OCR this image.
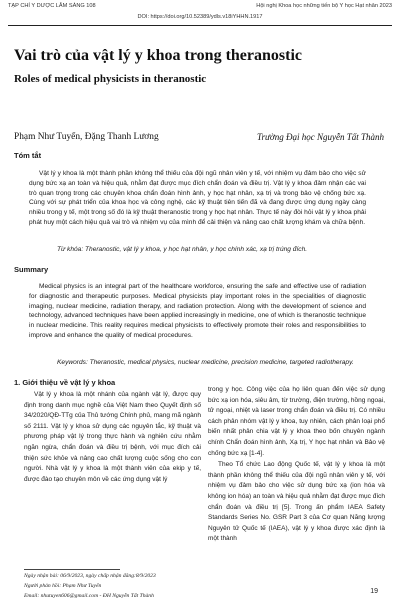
TẠP CHÍ Y DƯỢC LÂM SÀNG 108	Hội nghị Khoa học những tiến bộ Y học Hạt nhân 2023
DOI: https://doi.org/10.52389/ydls.v18iYHHN.1917
Vai trò của vật lý y khoa trong theranostic
Roles of medical physicists in theranostic
Phạm Như Tuyển, Đặng Thanh Lương	Trường Đại học Nguyễn Tất Thành
Tóm tắt

Vật lý y khoa là một thành phần không thể thiếu của đội ngũ nhân viên y tế, với nhiệm vụ đảm bảo cho việc sử dụng bức xạ an toàn và hiệu quả, nhằm đạt được mục đích chẩn đoán và điều trị. Vật lý y khoa đảm nhận các vai trò quan trọng trong các chuyên khoa chẩn đoán hình ảnh, y học hạt nhân, xạ trị và trong bảo vệ chống bức xạ. Cùng với sự phát triển của khoa học và công nghệ, các kỹ thuật tiên tiến đã và đang được ứng dụng ngày càng nhiều trong y tế, một trong số đó là kỹ thuật theranostic trong y học hạt nhân. Thực tế này đòi hỏi vật lý y khoa phải phát huy một cách hiệu quả vai trò và nhiệm vụ của mình để cải thiện và nâng cao chất lượng khám và chữa bệnh.

Từ khóa: Theranostic, vật lý y khoa, y học hạt nhân, y học chính xác, xạ trị trúng đích.

Summary

Medical physics is an integral part of the healthcare workforce, ensuring the safe and effective use of radiation for diagnostic and therapeutic purposes. Medical physicists play important roles in the specialities of diagnostic imaging, nuclear medicine, radiation therapy, and radiation protection. Along with the development of science and technology, advanced techniques have been applied increasingly in medicine, one of which is theranostic technique in nuclear medicine. This reality requires medical physicists to effectively promote their roles and responsibilities to improve and enhance the quality of medical procedures.

Keywords: Theranostic, medical physics, nuclear medicine, precision medicine, targeted radiotherapy.

1. Giới thiệu về vật lý y khoa

Vật lý y khoa là một nhánh của ngành vật lý, được quy định trong danh mục nghề của Việt Nam theo Quyết định số 34/2020/QĐ-TTg của Thủ tướng Chính phủ, mang mã ngành số 2111. Vật lý y khoa sử dụng các nguyên tắc, kỹ thuật và phương pháp vật lý trong thực hành và nghiên cứu nhằm ngăn ngừa, chẩn đoán và điều trị bệnh, với mục đích cải thiện sức khỏe và nâng cao chất lượng cuộc sống cho con người. Nhà vật lý y khoa là một thành viên của ekip y tế, được đào tạo chuyên môn về các ứng dụng vật lý

trong y học. Công việc của họ liên quan đến việc sử dụng bức xạ ion hóa, siêu âm, từ trường, điện trường, hồng ngoại, tử ngoại, nhiệt và laser trong chẩn đoán và điều trị. Có nhiều cách phân nhóm vật lý y khoa, tuy nhiên, cách phân loại phổ biến nhất phân chia vật lý y khoa theo bốn chuyên ngành chính Chẩn đoán hình ảnh, Xạ trị, Y học hạt nhân và Bảo vệ chống bức xạ [1-4].

Theo Tổ chức Lao động Quốc tế, vật lý y khoa là một thành phần không thể thiếu của đội ngũ nhân viên y tế, với nhiệm vụ đảm bảo cho việc sử dụng bức xạ (ion hóa và không ion hóa) an toàn và hiệu quả nhằm đạt được mục đích chẩn đoán và điều trị [5]. Trong ấn phẩm IAEA Safety Standards Series No. GSR Part 3 của Cơ quan Năng lượng Nguyên tử Quốc tế (IAEA), vật lý y khoa được xác định là một thành

Ngày nhận bài: 06/9/2023, ngày chấp nhận đăng:8/9/2023
Người phản hồi: Phạm Như Tuyển
Email: nhutuyen606@gmail.com - ĐH Nguyễn Tất Thành
19
